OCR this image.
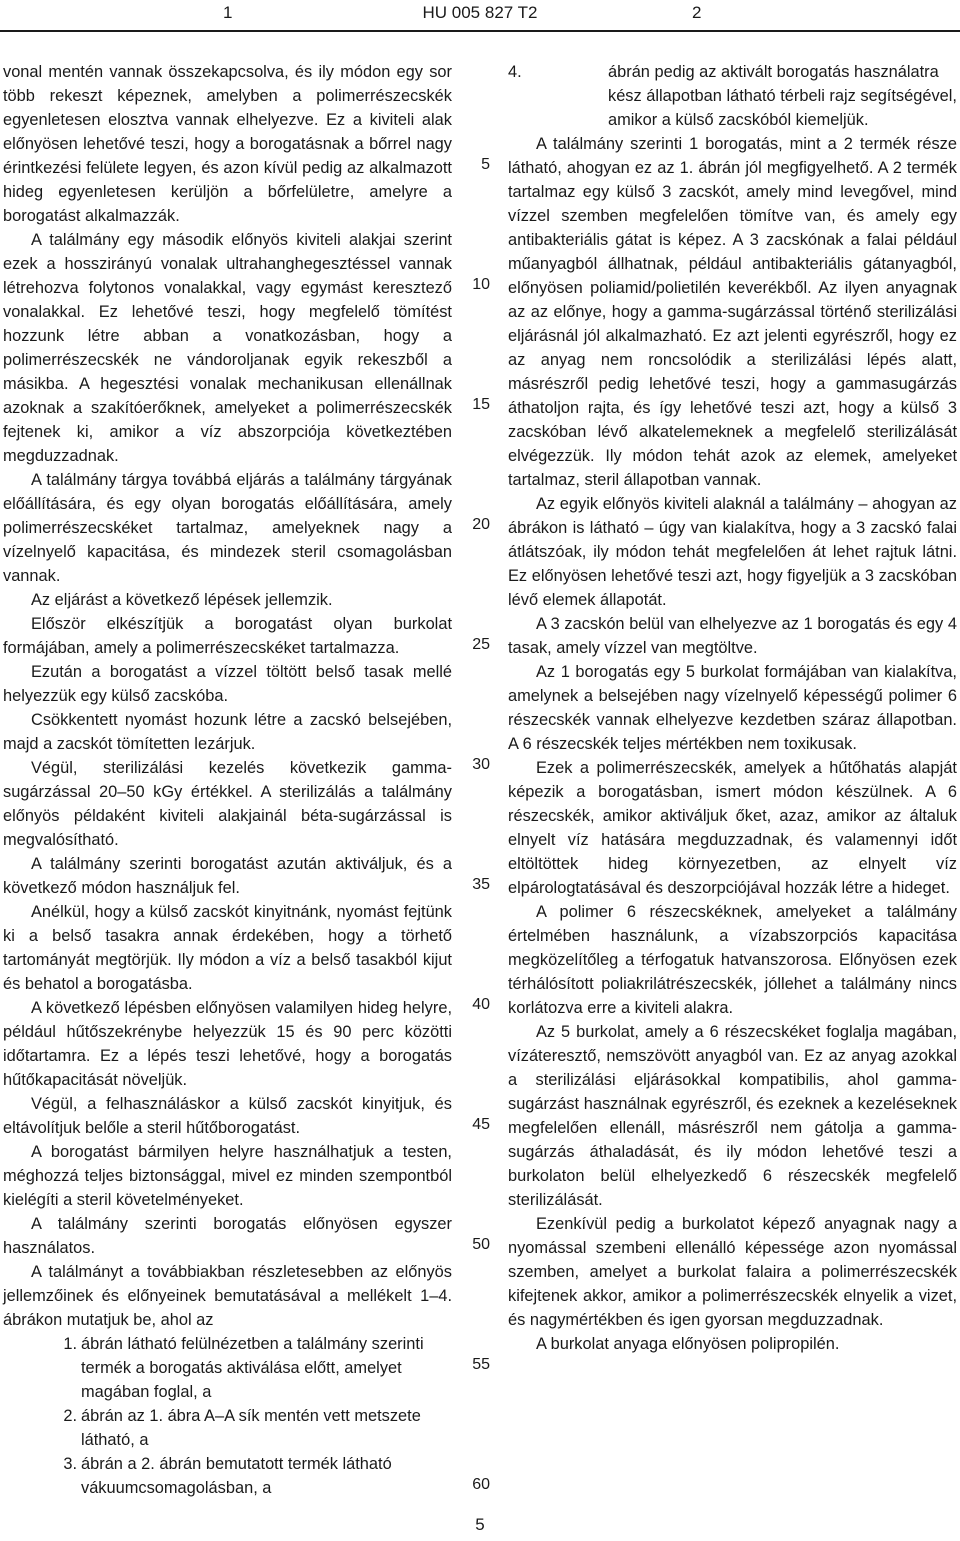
1	HU 005 827 T2	2

vonal mentén vannak összekapcsolva, és ily módon egy sor több rekeszt képeznek, amelyben a polimerrészecskék egyenletesen elosztva vannak elhelyezve. Ez a kiviteli alak előnyösen lehetővé teszi, hogy a borogatásnak a bőrrel nagy érintkezési felülete legyen, és azon kívül pedig az alkalmazott hideg egyenletesen kerüljön a bőrfelületre, amelyre a borogatást alkalmazzák.

A találmány egy második előnyös kiviteli alakjai szerint ezek a hosszirányú vonalak ultrahanghegesztéssel vannak létrehozva folytonos vonalakkal, vagy egymást keresztező vonalakkal. Ez lehetővé teszi, hogy megfelelő tömítést hozzunk létre abban a vonatkozásban, hogy a polimerrészecskék ne vándoroljanak egyik rekeszből a másikba. A hegesztési vonalak mechanikusan ellenállnak azoknak a szakítóerőknek, amelyeket a polimerrészecskék fejtenek ki, amikor a víz abszorpciója következtében megduzzadnak.

A találmány tárgya továbbá eljárás a találmány tárgyának előállítására, és egy olyan borogatás előállítására, amely polimerrészecskéket tartalmaz, amelyeknek nagy a vízelnyelő kapacitása, és mindezek steril csomagolásban vannak.

Az eljárást a következő lépések jellemzik.

Először elkészítjük a borogatást olyan burkolat formájában, amely a polimerrészecskéket tartalmazza.

Ezután a borogatást a vízzel töltött belső tasak mellé helyezzük egy külső zacskóba.

Csökkentett nyomást hozunk létre a zacskó belsejében, majd a zacskót tömítetten lezárjuk.

Végül, sterilizálási kezelés következik gamma-sugárzással 20–50 kGy értékkel. A sterilizálás a találmány előnyös példaként kiviteli alakjainál béta-sugárzással is megvalósítható.

A találmány szerinti borogatást azután aktiváljuk, és a következő módon használjuk fel.

Anélkül, hogy a külső zacskót kinyitnánk, nyomást fejtünk ki a belső tasakra annak érdekében, hogy a törhető tartományát megtörjük. Ily módon a víz a belső tasakból kijut és behatol a borogatásba.

A következő lépésben előnyösen valamilyen hideg helyre, például hűtőszekrénybe helyezzük 15 és 90 perc közötti időtartamra. Ez a lépés teszi lehetővé, hogy a borogatás hűtőkapacitását növeljük.

Végül, a felhasználáskor a külső zacskót kinyitjuk, és eltávolítjuk belőle a steril hűtőborogatást.

A borogatást bármilyen helyre használhatjuk a testen, méghozzá teljes biztonsággal, mivel ez minden szempontból kielégíti a steril követelményeket.

A találmány szerinti borogatás előnyösen egyszer használatos.

A találmányt a továbbiakban részletesebben az előnyös jellemzőinek és előnyeinek bemutatásával a mellékelt 1–4. ábrákon mutatjuk be, ahol az

1. ábrán látható felülnézetben a találmány szerinti termék a borogatás aktiválása előtt, amelyet magában foglal, a
2. ábrán az 1. ábra A–A sík mentén vett metszete látható, a
3. ábrán a 2. ábrán bemutatott termék látható vákuumcsomagolásban, a
5
10
15
20
25
30
35
40
45
50
55
60
4.	ábrán pedig az aktivált borogatás használatra kész állapotban látható térbeli rajz segítségével, amikor a külső zacskóból kiemeljük.

A találmány szerinti 1 borogatás, mint a 2 termék része látható, ahogyan ez az 1. ábrán jól megfigyelhető. A 2 termék tartalmaz egy külső 3 zacskót, amely mind levegővel, mind vízzel szemben megfelelően tömítve van, és amely egy antibakteriális gátat is képez. A 3 zacskónak a falai például műanyagból állhatnak, például antibakteriális gátanyagból, előnyösen poliamid/polietilén keverékből. Az ilyen anyagnak az az előnye, hogy a gamma-sugárzással történő sterilizálási eljárásnál jól alkalmazható. Ez azt jelenti egyrészről, hogy ez az anyag nem roncsolódik a sterilizálási lépés alatt, másrészről pedig lehetővé teszi, hogy a gammasugárzás áthatoljon rajta, és így lehetővé teszi azt, hogy a külső 3 zacskóban lévő alkatelemeknek a megfelelő sterilizálását elvégezzük. Ily módon tehát azok az elemek, amelyeket tartalmaz, steril állapotban vannak.

Az egyik előnyös kiviteli alaknál a találmány – ahogyan az ábrákon is látható – úgy van kialakítva, hogy a 3 zacskó falai átlátszóak, ily módon tehát megfelelően át lehet rajtuk látni. Ez előnyösen lehetővé teszi azt, hogy figyeljük a 3 zacskóban lévő elemek állapotát.

A 3 zacskón belül van elhelyezve az 1 borogatás és egy 4 tasak, amely vízzel van megtöltve.

Az 1 borogatás egy 5 burkolat formájában van kialakítva, amelynek a belsejében nagy vízelnyelő képességű polimer 6 részecskék vannak elhelyezve kezdetben száraz állapotban. A 6 részecskék teljes mértékben nem toxikusak.

Ezek a polimerrészecskék, amelyek a hűtőhatás alapját képezik a borogatásban, ismert módon készülnek. A 6 részecskék, amikor aktiváljuk őket, azaz, amikor az általuk elnyelt víz hatására megduzzadnak, és valamennyi időt eltöltöttek hideg környezetben, az elnyelt víz elpárologtatásával és deszorpciójával hozzák létre a hideget.

A polimer 6 részecskéknek, amelyeket a találmány értelmében használunk, a vízabszorpciós kapacitása megközelítőleg a térfogatuk hatvanszorosa. Előnyösen ezek térhálósított poliakrilátrészecskék, jóllehet a találmány nincs korlátozva erre a kiviteli alakra.

Az 5 burkolat, amely a 6 részecskéket foglalja magában, vízáteresztő, nemszövött anyagból van. Ez az anyag azokkal a sterilizálási eljárásokkal kompatibilis, ahol gamma-sugárzást használnak egyrészről, és ezeknek a kezeléseknek megfelelően ellenáll, másrészről nem gátolja a gamma-sugárzás áthaladását, és ily módon lehetővé teszi a burkolaton belül elhelyezkedő 6 részecskék megfelelő sterilizálását.

Ezenkívül pedig a burkolatot képező anyagnak nagy a nyomással szembeni ellenálló képessége azon nyomással szemben, amelyet a burkolat falaira a polimerrészecskék kifejtenek akkor, amikor a polimerrészecskék elnyelik a vizet, és nagymértékben és igen gyorsan megduzzadnak.

A burkolat anyaga előnyösen polipropilén.

5
